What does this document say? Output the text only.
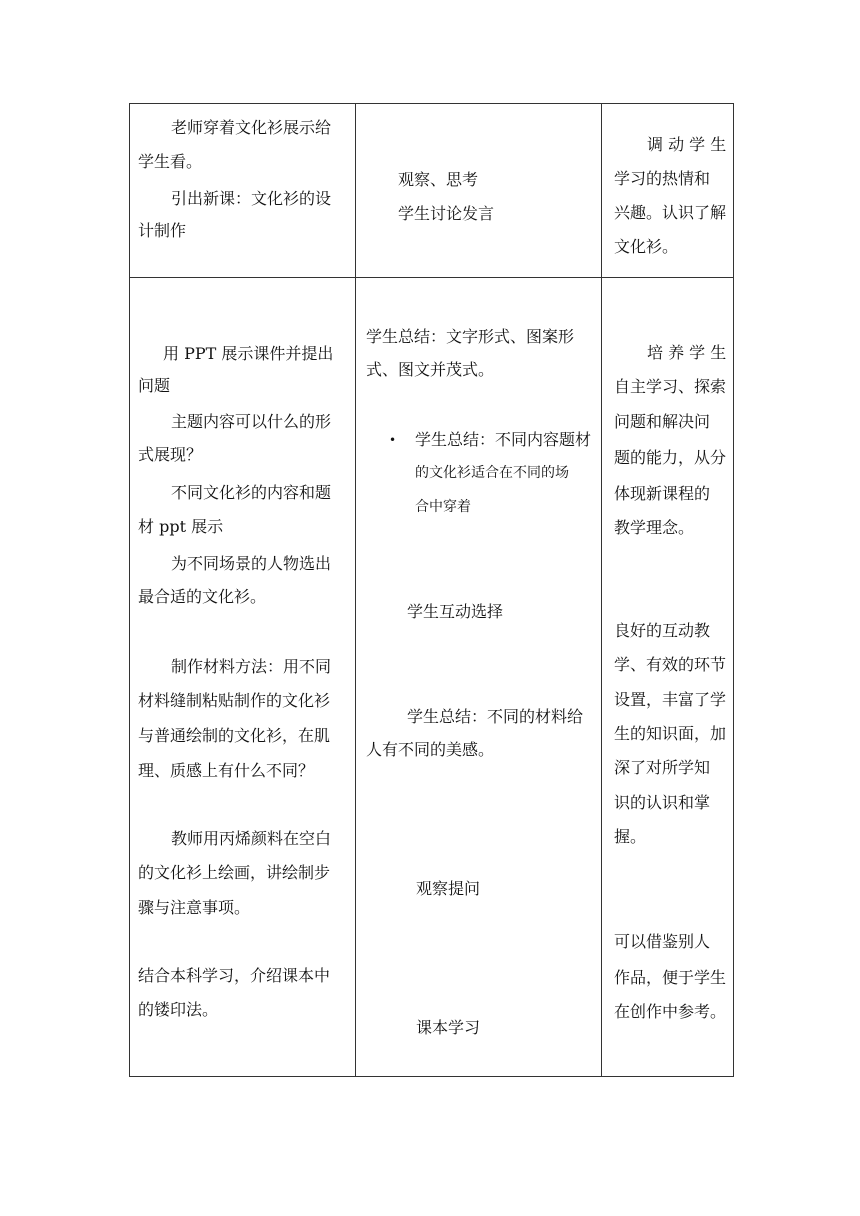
老师穿着文化衫展示给
学生看。
引出新课：文化衫的设
计制作
观察、思考
学生讨论发言
调 动 学 生
学习的热情和
兴趣。认识了解
文化衫。
用 PPT 展示课件并提出
问题
主题内容可以什么的形
式展现？
不同文化衫的内容和题
材 ppt 展示
为不同场景的人物选出
最合适的文化衫。
制作材料方法：用不同
材料缝制粘贴制作的文化衫
与普通绘制的文化衫，在肌
理、质感上有什么不同？
教师用丙烯颜料在空白
的文化衫上绘画，讲绘制步
骤与注意事项。
结合本科学习，介绍课本中
的镂印法。
学生总结：文字形式、图案形
式、图文并茂式。
• 学生总结：不同内容题材
的文化衫适合在不同的场
合中穿着
学生互动选择
学生总结：不同的材料给
人有不同的美感。
观察提问
课本学习
培 养 学 生
自主学习、探索
问题和解决问
题的能力，从分
体现新课程的
教学理念。
良好的互动教
学、有效的环节
设置，丰富了学
生的知识面，加
深了对所学知
识的认识和掌
握。
可以借鉴别人
作品，便于学生
在创作中参考。
